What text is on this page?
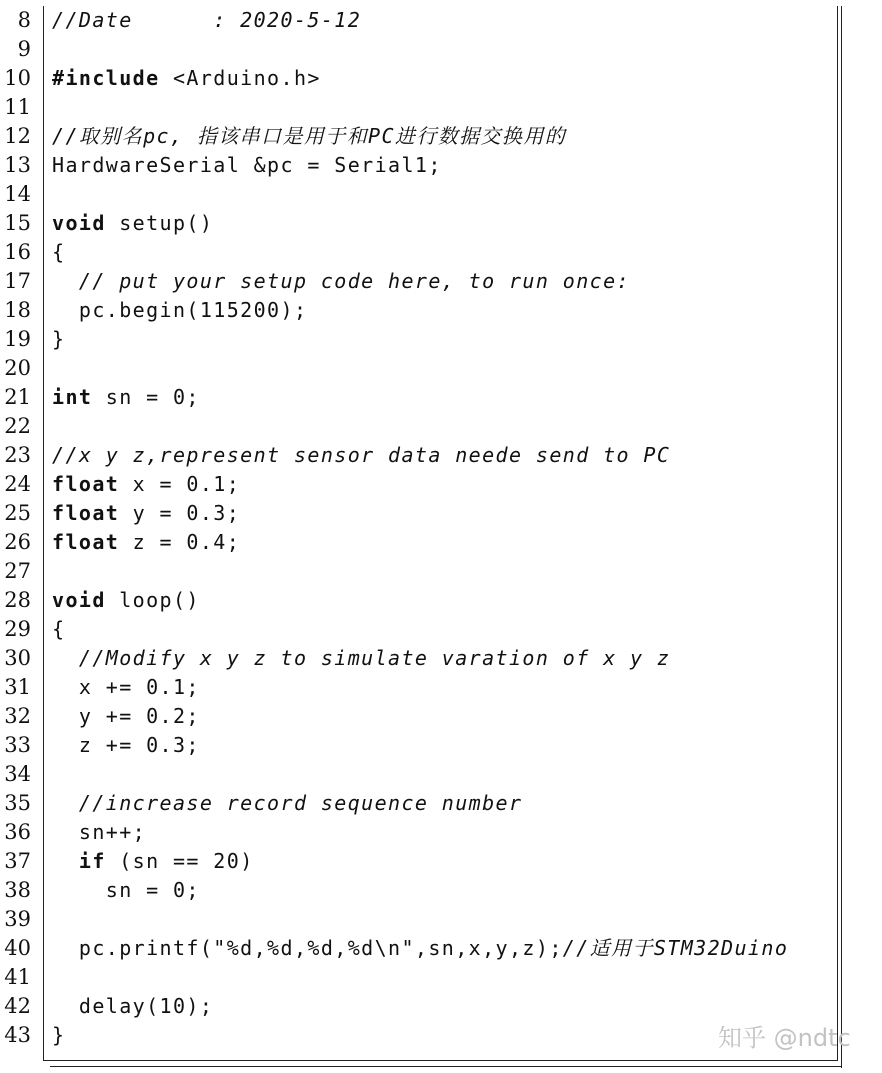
8 //Date      : 2020-5-12
9
10 #include <Arduino.h>
11
12 //取别名pc, 指该串口是用于和PC进行数据交换用的
13 HardwareSerial &pc = Serial1;
14
15 void setup()
16 {
17 // put your setup code here, to run once:
18 pc.begin(115200);
19 }
20
21 int sn = 0;
22
23 //x y z,represent sensor data neede send to PC
24 float x = 0.1;
25 float y = 0.3;
26 float z = 0.4;
27
28 void loop()
29 {
30 //Modify x y z to simulate varation of x y z
31 x += 0.1;
32 y += 0.2;
33 z += 0.3;
34
35 //increase record sequence number
36 sn++;
37	if (sn == 20)
38 sn = 0;
39
40 pc.printf("%d,%d,%d,%d\n",sn,x,y,z);//适用于STM32Duino
41
42 delay(10);
43 }	知乎 @ndtc
